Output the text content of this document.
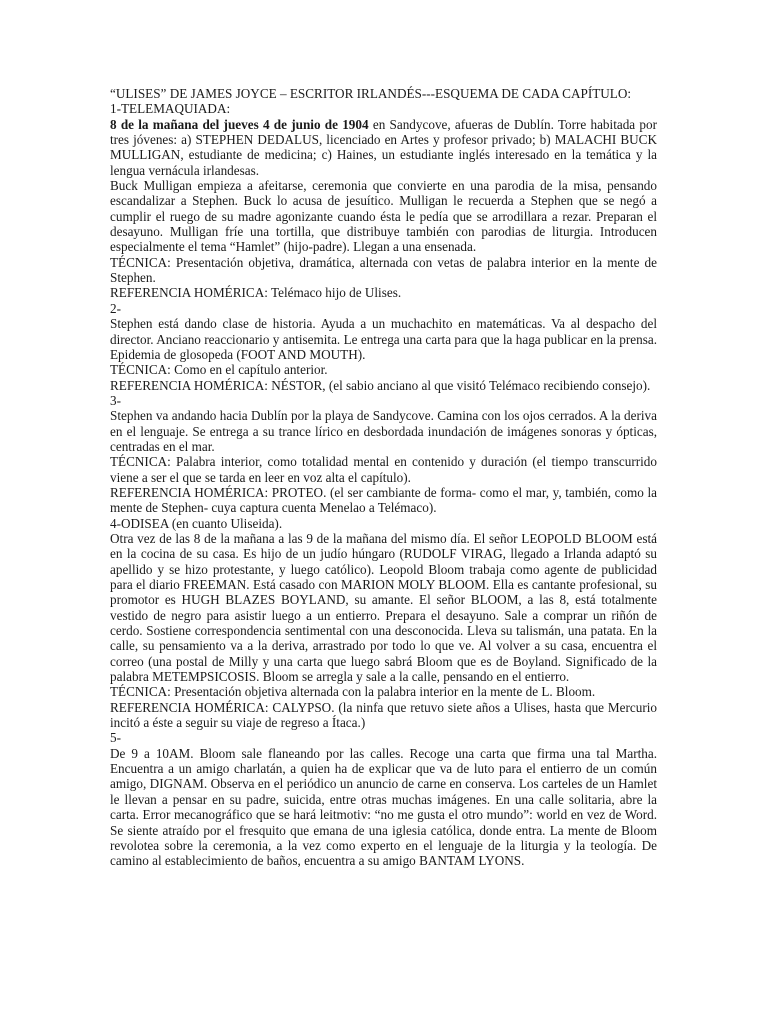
“ULISES” DE JAMES JOYCE – ESCRITOR IRLANDÉS---ESQUEMA DE CADA CAPÍTULO:

1-TELEMAQUIADA:

8 de la mañana del jueves 4 de junio de 1904 en Sandycove, afueras de Dublín. Torre habitada por tres jóvenes: a) STEPHEN DEDALUS, licenciado en Artes y profesor privado; b) MALACHI BUCK MULLIGAN, estudiante de medicina; c) Haines, un estudiante inglés interesado en la temática y la lengua vernácula irlandesas.

Buck Mulligan empieza a afeitarse, ceremonia que convierte en una parodia de la misa, pensando escandalizar a Stephen. Buck lo acusa de jesuítico. Mulligan le recuerda a Stephen que se negó a cumplir el ruego de su madre agonizante cuando ésta le pedía que se arrodillara a rezar. Preparan el desayuno. Mulligan fríe una tortilla, que distribuye también con parodias de liturgia. Introducen especialmente el tema “Hamlet” (hijo-padre). Llegan a una ensenada.

TÉCNICA: Presentación objetiva, dramática, alternada con vetas de palabra interior en la mente de Stephen.

REFERENCIA HOMÉRICA: Telémaco hijo de Ulises.

2-

Stephen está dando clase de historia. Ayuda a un muchachito en matemáticas. Va al despacho del director. Anciano reaccionario y antisemita. Le entrega una carta para que la haga publicar en la prensa. Epidemia de glosopeda (FOOT AND MOUTH).

TÉCNICA: Como en el capítulo anterior.

REFERENCIA HOMÉRICA: NÉSTOR, (el sabio anciano al que visitó Telémaco recibiendo consejo).

3-

Stephen va andando hacia Dublín por la playa de Sandycove. Camina con los ojos cerrados. A la deriva en el lenguaje. Se entrega a su trance lírico en desbordada inundación de imágenes sonoras y ópticas, centradas en el mar.

TÉCNICA: Palabra interior, como totalidad mental en contenido y duración (el tiempo transcurrido viene a ser el que se tarda en leer en voz alta el capítulo).

REFERENCIA HOMÉRICA: PROTEO. (el ser cambiante de forma- como el mar, y, también, como la mente de Stephen- cuya captura cuenta Menelao a Telémaco).

4-ODISEA (en cuanto Uliseida).

Otra vez de las 8 de la mañana a las 9 de la mañana del mismo día. El señor LEOPOLD BLOOM está en la cocina de su casa. Es hijo de un judío húngaro (RUDOLF VIRAG, llegado a Irlanda adaptó su apellido y se hizo protestante, y luego católico). Leopold Bloom trabaja como agente de publicidad para el diario FREEMAN. Está casado con MARION MOLY BLOOM. Ella es cantante profesional, su promotor es HUGH BLAZES BOYLAND, su amante. El señor BLOOM, a las 8, está totalmente vestido de negro para asistir luego a un entierro. Prepara el desayuno. Sale a comprar un riñón de cerdo. Sostiene correspondencia sentimental con una desconocida. Lleva su talismán, una patata. En la calle, su pensamiento va a la deriva, arrastrado por todo lo que ve. Al volver a su casa, encuentra el correo (una postal de Milly y una carta que luego sabrá Bloom que es de Boyland. Significado de la palabra METEMPSICOSIS. Bloom se arregla y sale a la calle, pensando en el entierro.

TÉCNICA: Presentación objetiva alternada con la palabra interior en la mente de L. Bloom.

REFERENCIA HOMÉRICA: CALYPSO. (la ninfa que retuvo siete años a Ulises, hasta que Mercurio incitó a éste a seguir su viaje de regreso a Ítaca.)

5-

De 9 a 10AM. Bloom sale flaneando por las calles. Recoge una carta que firma una tal Martha. Encuentra a un amigo charlatán, a quien ha de explicar que va de luto para el entierro de un común amigo, DIGNAM. Observa en el periódico un anuncio de carne en conserva. Los carteles de un Hamlet le llevan a pensar en su padre, suicida, entre otras muchas imágenes. En una calle solitaria, abre la carta. Error mecanográfico que se hará leitmotiv: “no me gusta el otro mundo”: world en vez de Word. Se siente atraído por el fresquito que emana de una iglesia católica, donde entra. La mente de Bloom revolotea sobre la ceremonia, a la vez como experto en el lenguaje de la liturgia y la teología. De camino al establecimiento de baños, encuentra a su amigo BANTAM LYONS.
